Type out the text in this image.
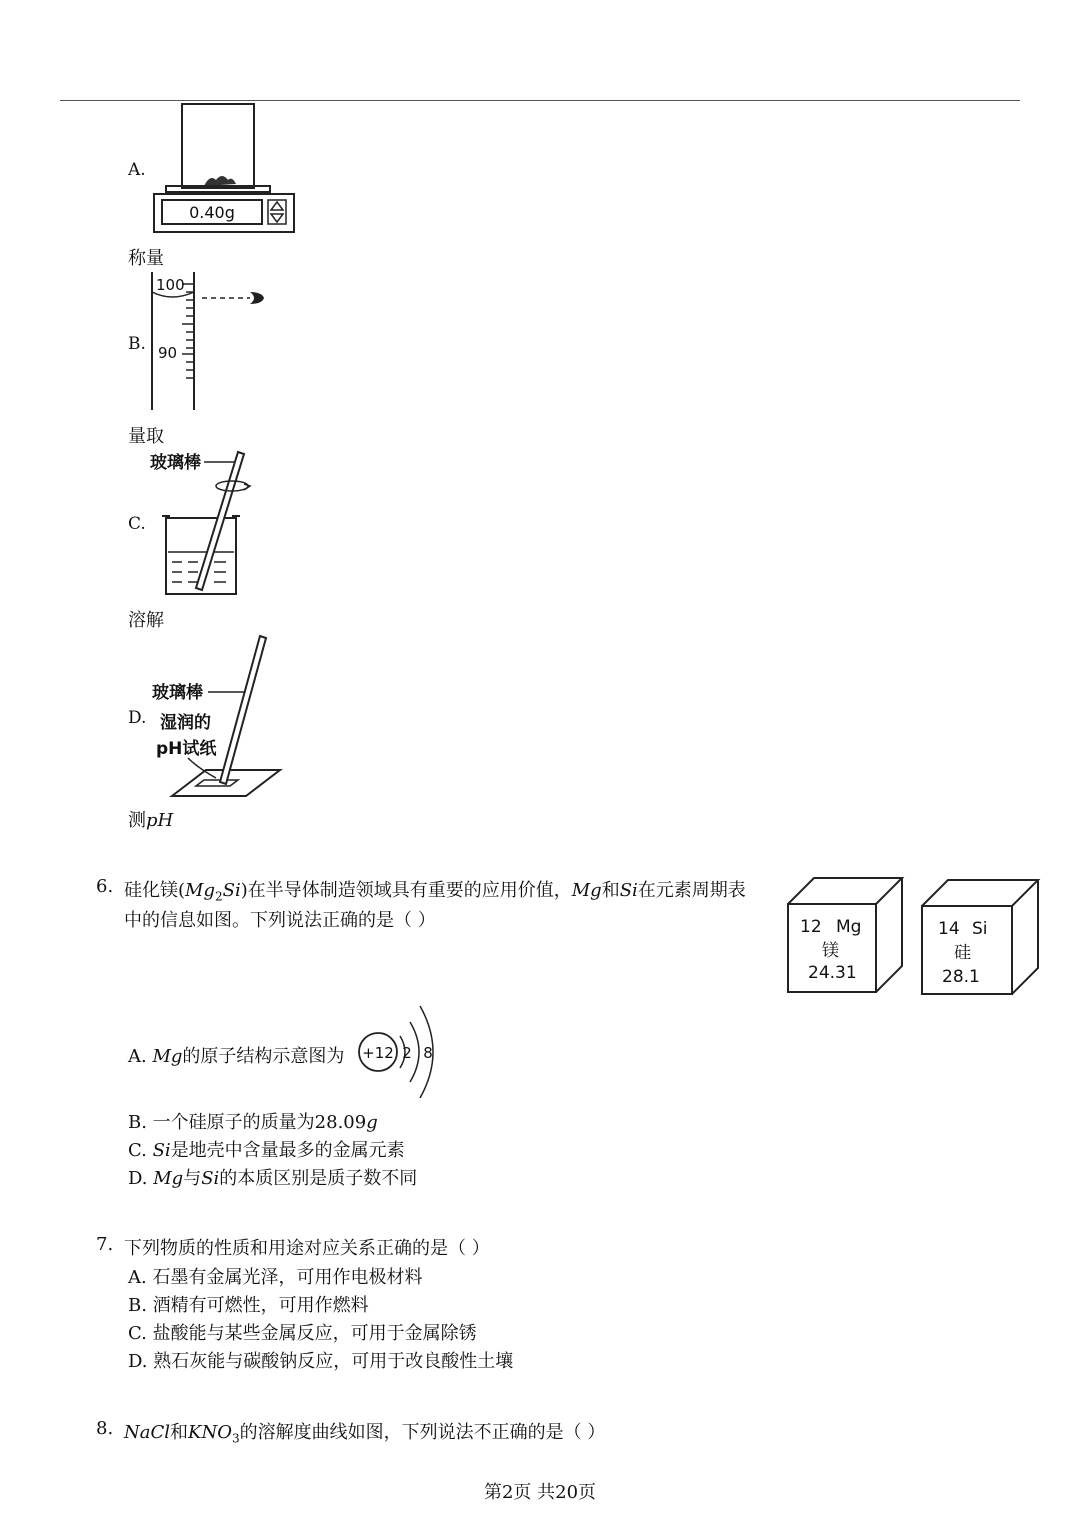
A.
0.40g
称量
B.
100
90
量取
C.
玻璃棒
溶解
D.
玻璃棒
湿润的
pH试纸
测pH
6. 硅化镁$(Mg_2Si)$在半导体制造领域具有重要的应用价值，Mg和Si在元素周期表
中的信息如图。下列说法正确的是（ ）	12 Mg
镁
24.31
14 Si
硅
28.1
A. Mg的原子结构示意图为 +12 2 8
B. 一个硅原子的质量为28.09g
C. Si是地壳中含量最多的金属元素
D. Mg与Si的本质区别是质子数不同
7. 下列物质的性质和用途对应关系正确的是（ ）
A. 石墨有金属光泽，可用作电极材料
B. 酒精有可燃性，可用作燃料
C. 盐酸能与某些金属反应，可用于金属除锈
D. 熟石灰能与碳酸钠反应，可用于改良酸性土壤
8. NaCl和$KNO_3$的溶解度曲线如图，下列说法不正确的是（ ）
第2页 共20页
